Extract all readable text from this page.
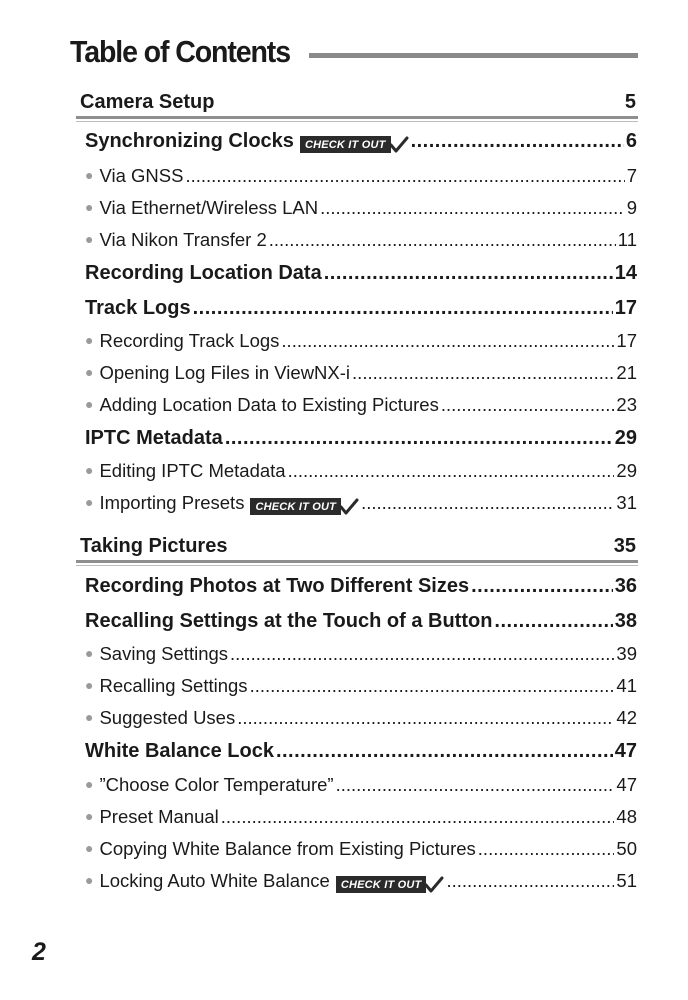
Table of Contents
Camera Setup	5
Synchronizing Clocks	CHECK IT OUT .....	6
● Via GNSS .....	7
● Via Ethernet/Wireless LAN .....	9
● Via Nikon Transfer 2 .....	11
Recording Location Data .....	14
Track Logs .....	17
● Recording Track Logs .....	17
● Opening Log Files in ViewNX-i .....	21
● Adding Location Data to Existing Pictures .....	23
IPTC Metadata .....	29
● Editing IPTC Metadata .....	29
● Importing Presets	CHECK IT OUT .....	31
Taking Pictures	35
Recording Photos at Two Different Sizes .....	36
Recalling Settings at the Touch of a Button .....	38
● Saving Settings .....	39
● Recalling Settings .....	41
● Suggested Uses .....	42
White Balance Lock .....	47
● ”Choose Color Temperature” .....	47
● Preset Manual .....	48
● Copying White Balance from Existing Pictures .....	50
● Locking Auto White Balance	CHECK IT OUT .....	51
2
